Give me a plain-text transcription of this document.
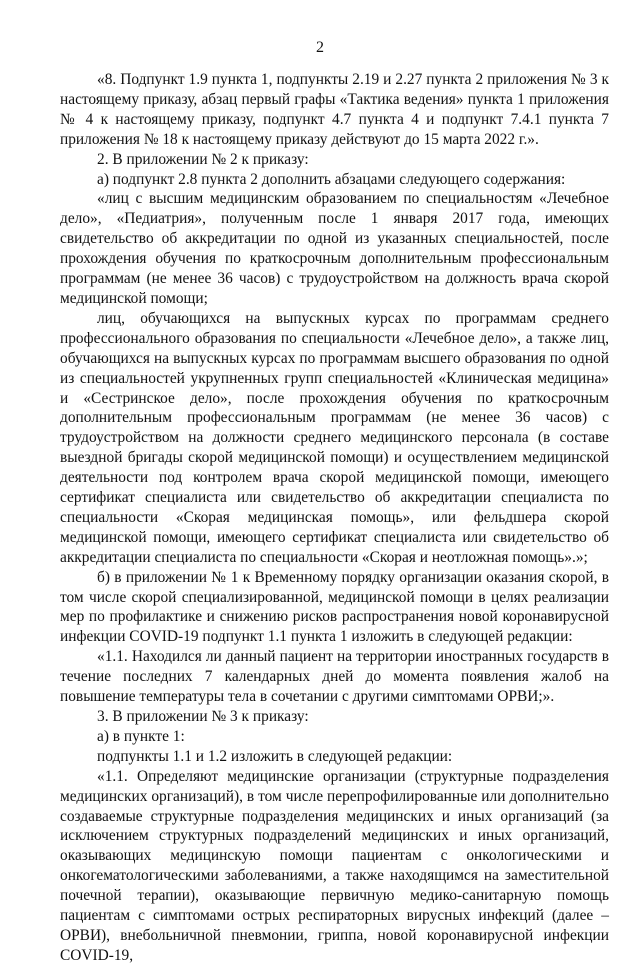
2

«8. Подпункт 1.9 пункта 1, подпункты 2.19 и 2.27 пункта 2 приложения № 3 к настоящему приказу, абзац первый графы «Тактика ведения» пункта 1 приложения № 4 к настоящему приказу, подпункт 4.7 пункта 4 и подпункт 7.4.1 пункта 7 приложения № 18 к настоящему приказу действуют до 15 марта 2022 г.».

2. В приложении № 2 к приказу:

а) подпункт 2.8 пункта 2 дополнить абзацами следующего содержания:

«лиц с высшим медицинским образованием по специальностям «Лечебное дело», «Педиатрия», полученным после 1 января 2017 года, имеющих свидетельство об аккредитации по одной из указанных специальностей, после прохождения обучения по краткосрочным дополнительным профессиональным программам (не менее 36 часов) с трудоустройством на должность врача скорой медицинской помощи;

лиц, обучающихся на выпускных курсах по программам среднего профессионального образования по специальности «Лечебное дело», а также лиц, обучающихся на выпускных курсах по программам высшего образования по одной из специальностей укрупненных групп специальностей «Клиническая медицина» и «Сестринское дело», после прохождения обучения по краткосрочным дополнительным профессиональным программам (не менее 36 часов) с трудоустройством на должности среднего медицинского персонала (в составе выездной бригады скорой медицинской помощи) и осуществлением медицинской деятельности под контролем врача скорой медицинской помощи, имеющего сертификат специалиста или свидетельство об аккредитации специалиста по специальности «Скорая медицинская помощь», или фельдшера скорой медицинской помощи, имеющего сертификат специалиста или свидетельство об аккредитации специалиста по специальности «Скорая и неотложная помощь».»;

б) в приложении № 1 к Временному порядку организации оказания скорой, в том числе скорой специализированной, медицинской помощи в целях реализации мер по профилактике и снижению рисков распространения новой коронавирусной инфекции COVID-19 подпункт 1.1 пункта 1 изложить в следующей редакции:

«1.1. Находился ли данный пациент на территории иностранных государств в течение последних 7 календарных дней до момента появления жалоб на повышение температуры тела в сочетании с другими симптомами ОРВИ;».

3. В приложении № 3 к приказу:

а) в пункте 1:

подпункты 1.1 и 1.2 изложить в следующей редакции:

«1.1. Определяют медицинские организации (структурные подразделения медицинских организаций), в том числе перепрофилированные или дополнительно создаваемые структурные подразделения медицинских и иных организаций (за исключением структурных подразделений медицинских и иных организаций, оказывающих медицинскую помощи пациентам с онкологическими и онкогематологическими заболеваниями, а также находящимся на заместительной почечной терапии), оказывающие первичную медико-санитарную помощь пациентам с симптомами острых респираторных вирусных инфекций (далее – ОРВИ), внебольничной пневмонии, гриппа, новой коронавирусной инфекции COVID-19,
